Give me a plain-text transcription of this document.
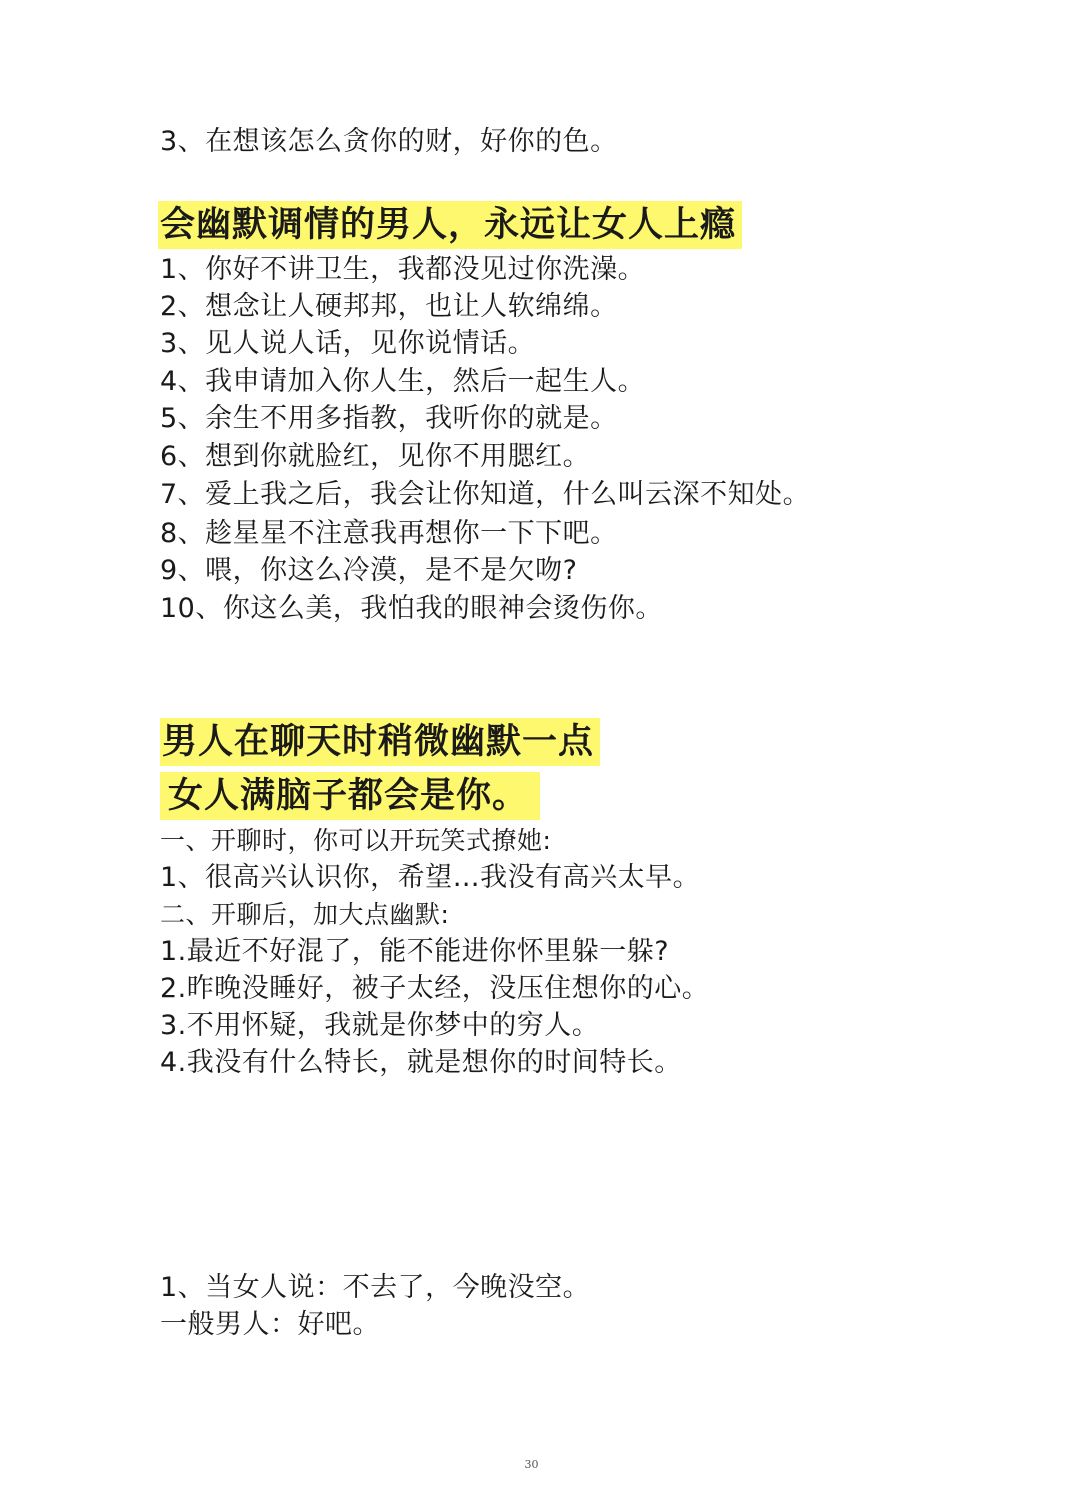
3、在想该怎么贪你的财，好你的色。
会幽默调情的男人，永远让女人上瘾
1、你好不讲卫生，我都没见过你洗澡。
2、想念让人硬邦邦，也让人软绵绵。
3、见人说人话，见你说情话。
4、我申请加入你人生，然后一起生人。
5、余生不用多指教，我听你的就是。
6、想到你就脸红，见你不用腮红。
7、爱上我之后，我会让你知道，什么叫云深不知处。
8、趁星星不注意我再想你一下下吧。
9、喂，你这么冷漠，是不是欠吻?
10、你这么美，我怕我的眼神会烫伤你。
男人在聊天时稍微幽默一点
女人满脑子都会是你。
一、开聊时，你可以开玩笑式撩她:
1、很高兴认识你，希望…我没有高兴太早。
二、开聊后，加大点幽默:
1.最近不好混了，能不能进你怀里躲一躲?
2.昨晚没睡好，被子太经，没压住想你的心。
3.不用怀疑，我就是你梦中的穷人。
4.我没有什么特长，就是想你的时间特长。
1、当女人说：不去了，今晚没空。
一般男人：好吧。
30
